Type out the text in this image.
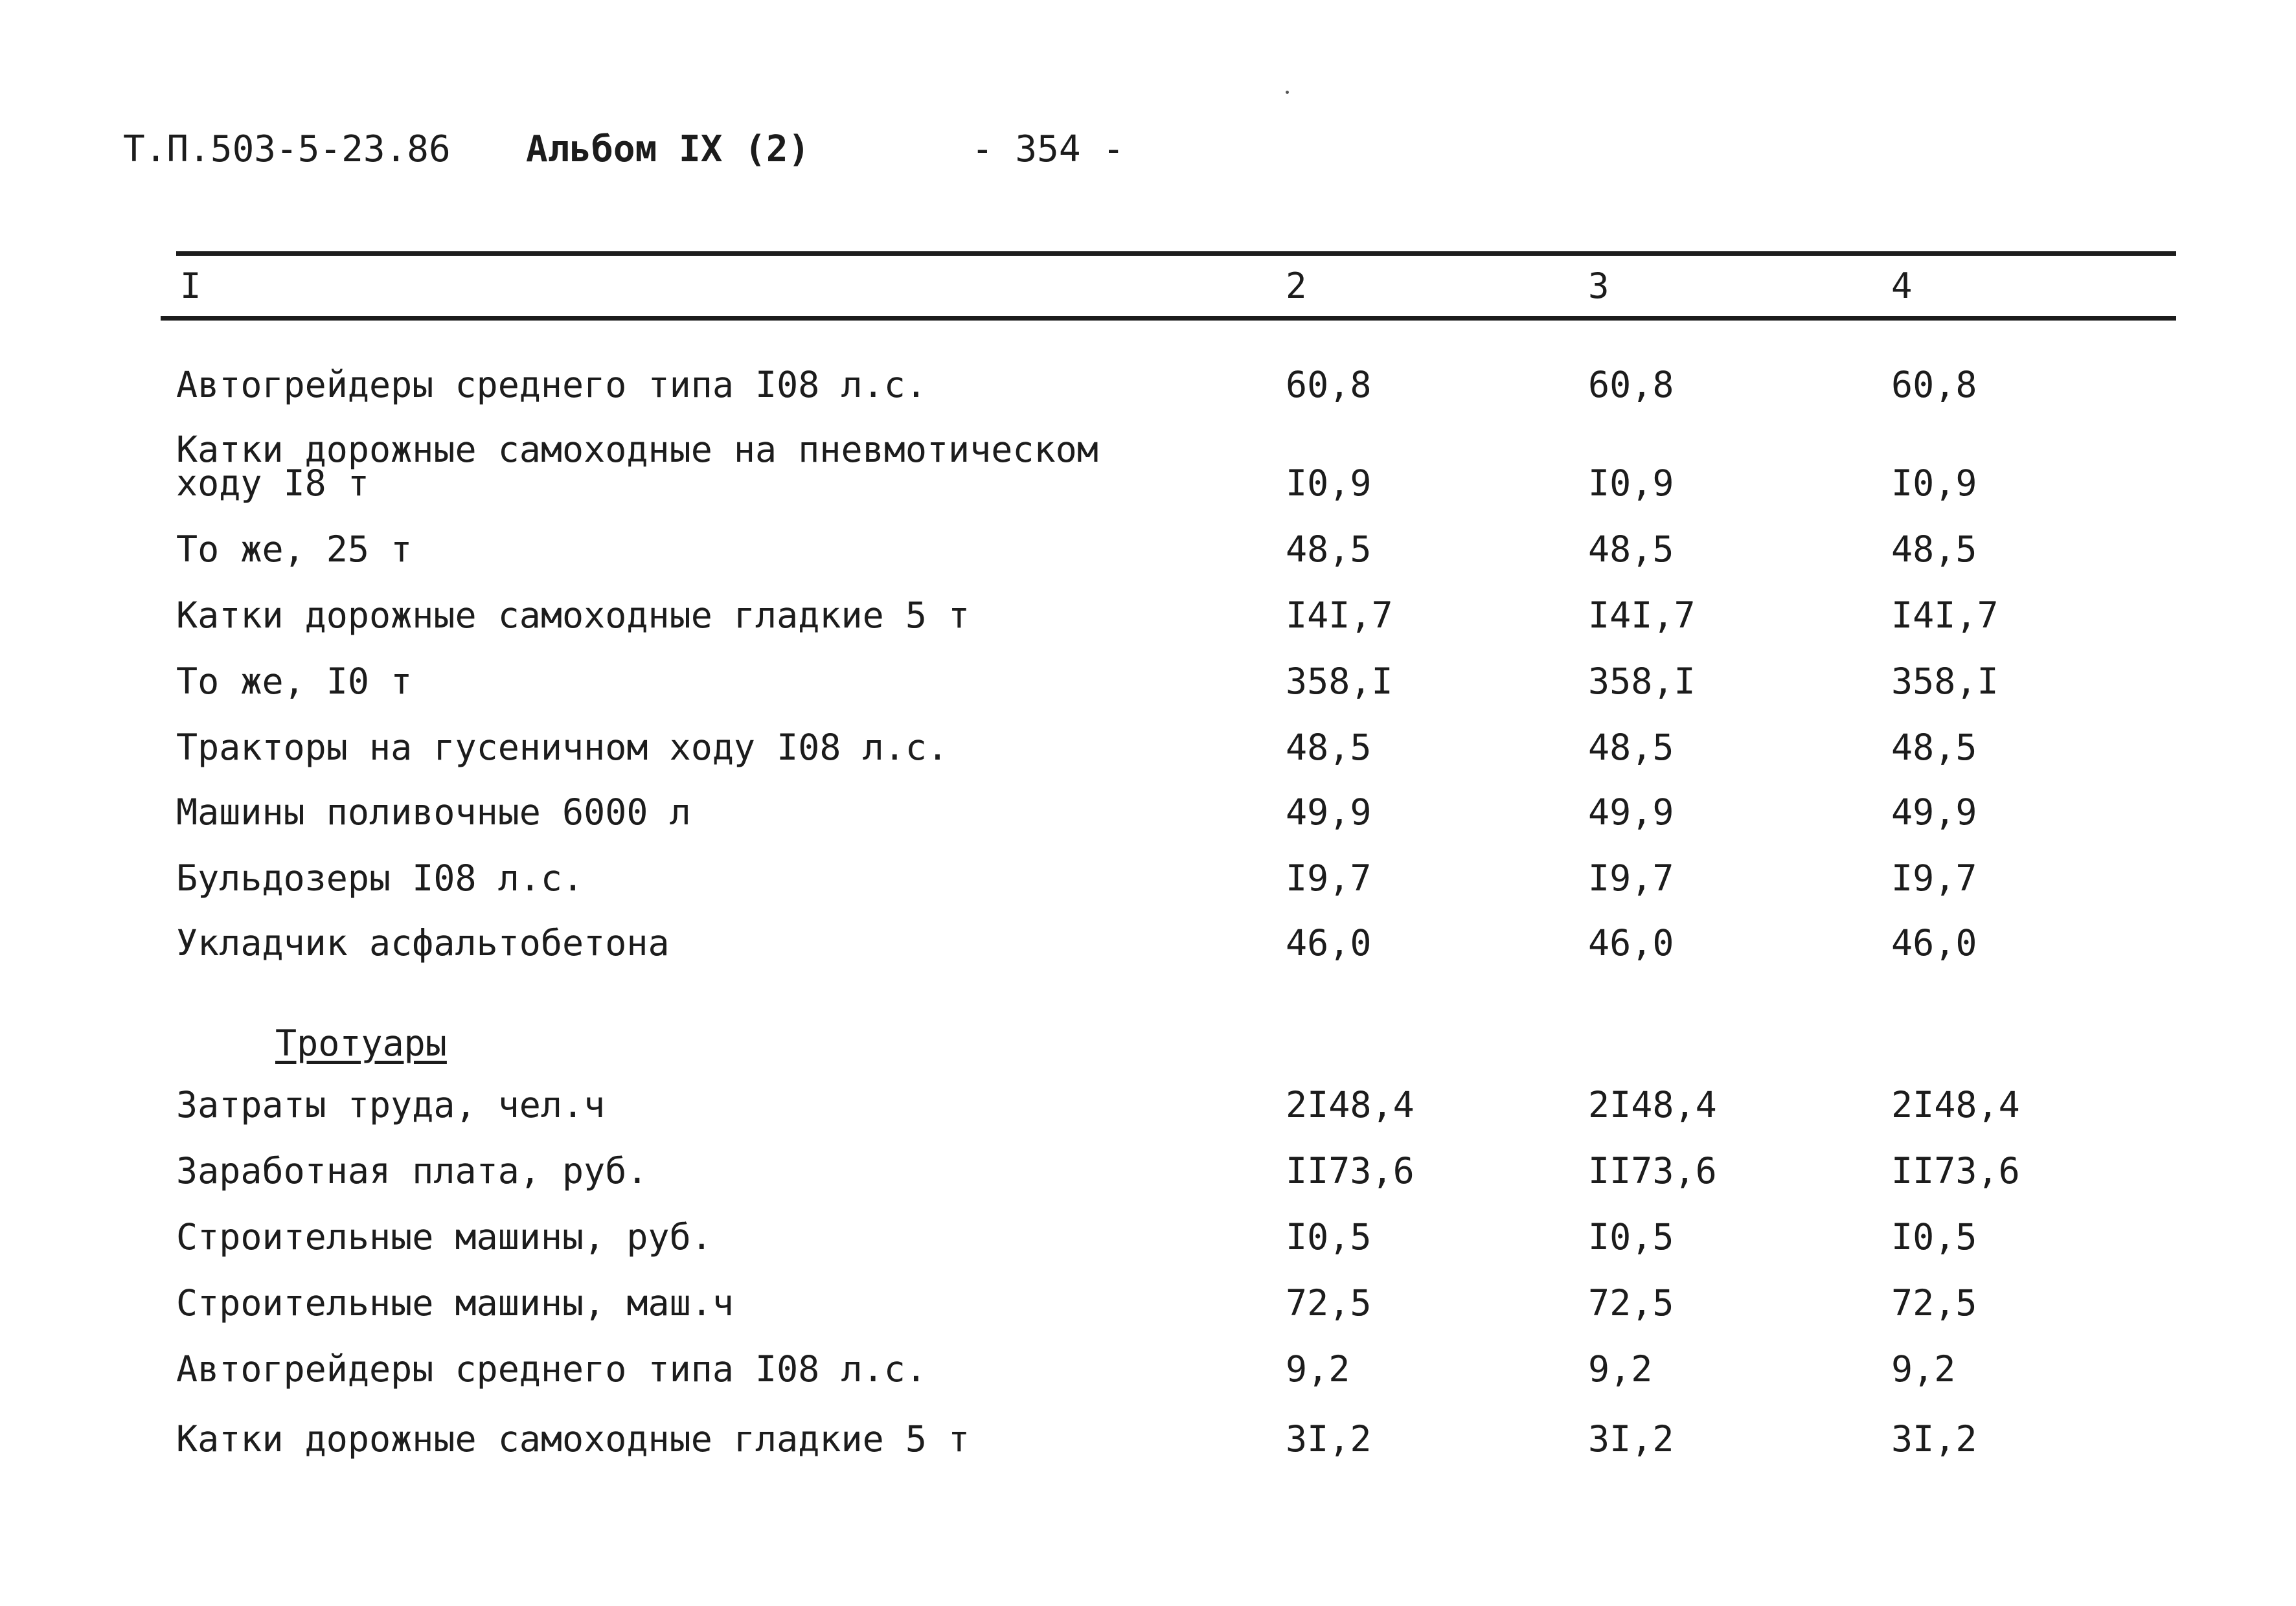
Т.П.503-5-23.86 Альбом IX (2)	- 354 -
I	2	3	4
Автогрейдеры среднего типа I08 л.с.	60,8	60,8	60,8
Катки дорожные самоходные на пневмотическом
ходу I8 т	I0,9	I0,9	I0,9
То же, 25 т	48,5	48,5	48,5
Катки дорожные самоходные гладкие 5 т	I4I,7	I4I,7	I4I,7
То же, I0 т	358,I	358,I	358,I
Тракторы на гусеничном ходу I08 л.с.	48,5	48,5	48,5
Машины поливочные 6000 л	49,9	49,9	49,9
Бульдозеры I08 л.с.	I9,7	I9,7	I9,7
Укладчик асфальтобетона	46,0	46,0	46,0
Тротуары
Затраты труда, чел.ч	2I48,4	2I48,4	2I48,4
Заработная плата, руб.	II73,6	II73,6	II73,6
Строительные машины, руб.	I0,5	I0,5	I0,5
Строительные машины, маш.ч	72,5	72,5	72,5
Автогрейдеры среднего типа I08 л.с.	9,2	9,2	9,2
Катки дорожные самоходные гладкие 5 т	3I,2	3I,2	3I,2
